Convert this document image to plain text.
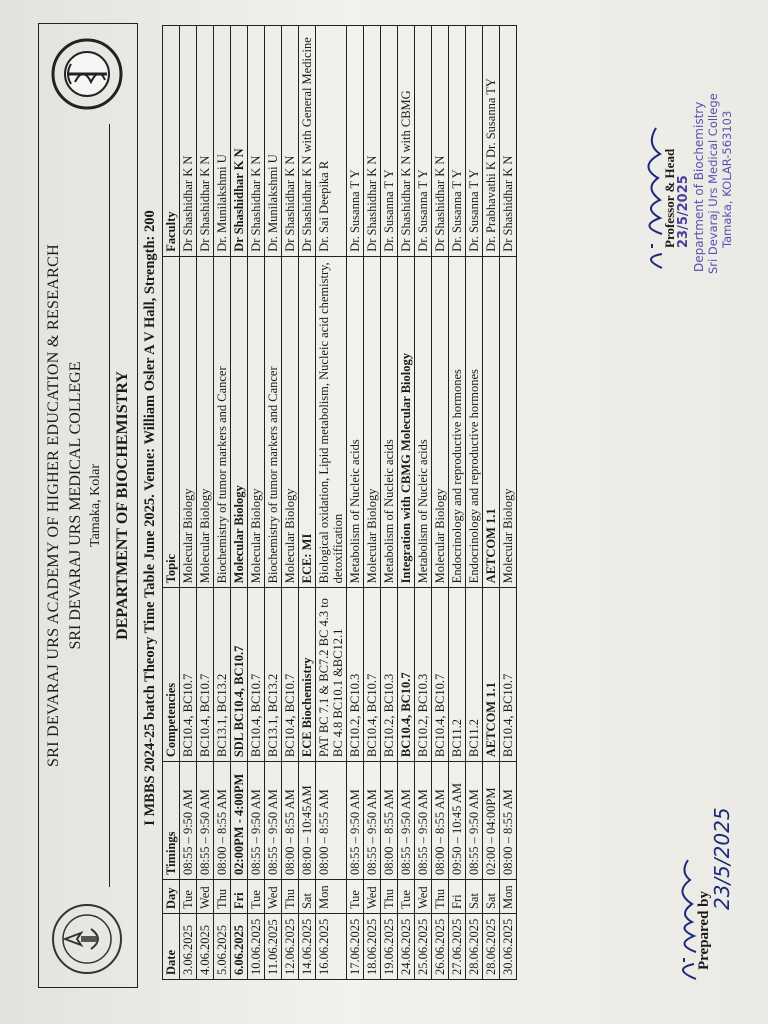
SRI DEVARAJ URS ACADEMY OF HIGHER EDUCATION & RESEARCH SRI DEVARAJ URS MEDICAL COLLEGE Tamaka, Kolar DEPARTMENT OF BIOCHEMISTRY I MBBS 2024-25 batch Theory Time Table June 2025. Venue: William Osler A V Hall, Strength: 200
Date	Day	Timings	Competencies	Topic	Faculty
3.06.2025	Tue	08:55 – 9:50 AM	BC10.4, BC10.7	Molecular Biology	Dr Shashidhar K N
4.06.2025	Wed	08:55 – 9:50 AM	BC10.4, BC10.7	Molecular Biology	Dr Shashidhar K N
5.06.2025	Thu	08:00 – 8:55 AM	BC13.1, BC13.2	Biochemistry of tumor markers and Cancer	Dr. Munilakshmi U
6.06.2025	Fri	02:00PM - 4:00PM	SDL BC10.4, BC10.7	Molecular Biology	Dr Shashidhar K N
10.06.2025	Tue	08:55 – 9:50 AM	BC10.4, BC10.7	Molecular Biology	Dr Shashidhar K N
11.06.2025	Wed	08:55 – 9:50 AM	BC13.1, BC13.2	Biochemistry of tumor markers and Cancer	Dr. Munilakshmi U
12.06.2025	Thu	08:00 – 8:55 AM	BC10.4, BC10.7	Molecular Biology	Dr Shashidhar K N
14.06.2025	Sat	08:00 – 10:45AM	ECE Biochemistry	ECE: MI	Dr Shashidhar K N with General Medicine
16.06.2025	Mon	08:00 – 8:55 AM	PAT BC 7.1 & BC7.2 BC 4.3 to BC 4.8 BC10.1 &BC12.1	Biological oxidation, Lipid metabolism, Nucleic acid chemistry, detoxification	Dr. Sai Deepika R
17.06.2025	Tue	08:55 – 9:50 AM	BC10.2, BC10.3	Metabolism of Nucleic acids	Dr. Susanna T Y
18.06.2025	Wed	08:55 – 9:50 AM	BC10.4, BC10.7	Molecular Biology	Dr Shashidhar K N
19.06.2025	Thu	08:00 – 8:55 AM	BC10.2, BC10.3	Metabolism of Nucleic acids	Dr. Susanna T Y
24.06.2025	Tue	08:55 – 9:50 AM	BC10.4, BC10.7	Integration with CBMG Molecular Biology	Dr Shashidhar K N with CBMG
25.06.2025	Wed	08:55 – 9:50 AM	BC10.2, BC10.3	Metabolism of Nucleic acids	Dr. Susanna T Y
26.06.2025	Thu	08:00 – 8:55 AM	BC10.4, BC10.7	Molecular Biology	Dr Shashidhar K N
27.06.2025	Fri	09:50 – 10:45 AM	BC11.2	Endocrinology and reproductive hormones	Dr. Susanna T Y
28.06.2025	Sat	08:55 – 9:50 AM	BC11.2	Endocrinology and reproductive hormones	Dr. Susanna T Y
28.06.2025	Sat	02:00 – 04:00PM	AETCOM 1.1	AETCOM 1.1	Dr. Prabhavathi K Dr. Susanna TY
30.06.2025	Mon	08:00 – 8:55 AM	BC10.4, BC10.7	Molecular Biology	Dr Shashidhar K N
Prepared by
23/5/2025
Professor & Head 23/5/2025 Department of Biochemistry Sri Devaraj Urs Medical College Tamaka, KOLAR-563103
